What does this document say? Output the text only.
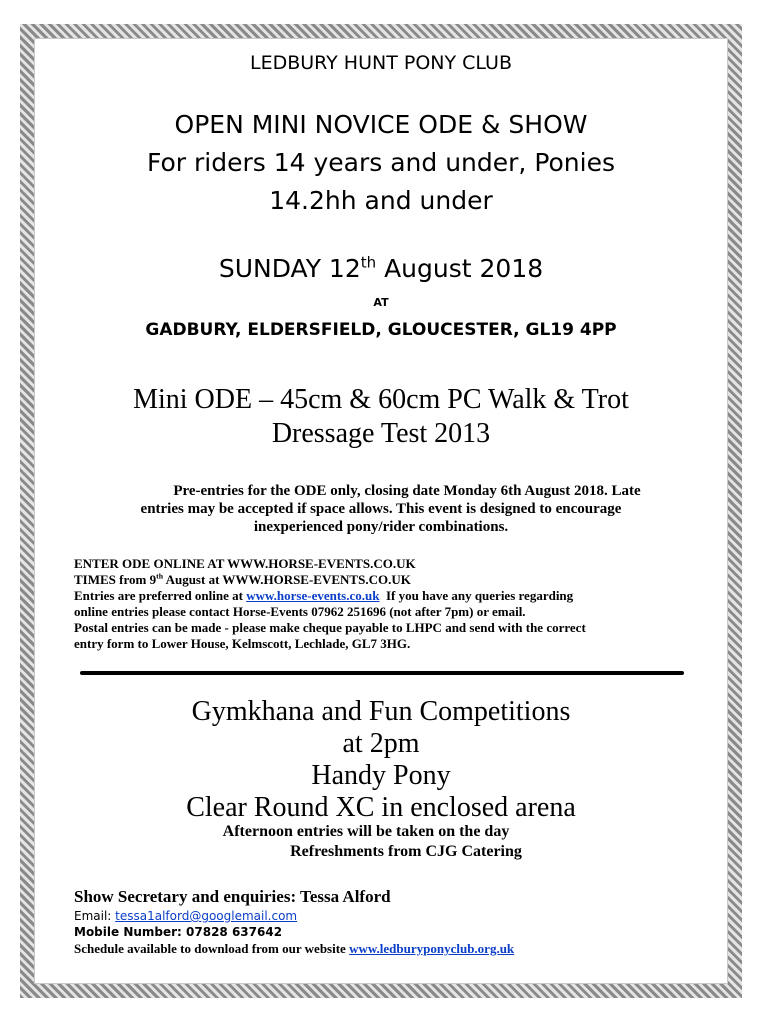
LEDBURY HUNT PONY CLUB
OPEN MINI NOVICE ODE & SHOW
For riders 14 years and under, Ponies
14.2hh and under
SUNDAY 12th August 2018
AT
GADBURY, ELDERSFIELD, GLOUCESTER, GL19 4PP
Mini ODE – 45cm & 60cm PC Walk & Trot
Dressage Test 2013
Pre-entries for the ODE only, closing date Monday 6th August 2018. Late
entries may be accepted if space allows. This event is designed to encourage
inexperienced pony/rider combinations.
ENTER ODE ONLINE AT WWW.HORSE-EVENTS.CO.UK
TIMES from 9th August at WWW.HORSE-EVENTS.CO.UK
Entries are preferred online at www.horse-events.co.uk  If you have any queries regarding
online entries please contact Horse-Events 07962 251696 (not after 7pm) or email.
Postal entries can be made - please make cheque payable to LHPC and send with the correct
entry form to Lower House, Kelmscott, Lechlade, GL7 3HG.
Gymkhana and Fun Competitions
at 2pm
Handy Pony
Clear Round XC in enclosed arena
Afternoon entries will be taken on the day
Refreshments from CJG Catering
Show Secretary and enquiries: Tessa Alford
Email: tessa1alford@googlemail.com
Mobile Number: 07828 637642
Schedule available to download from our website www.ledburyponyclub.org.uk
